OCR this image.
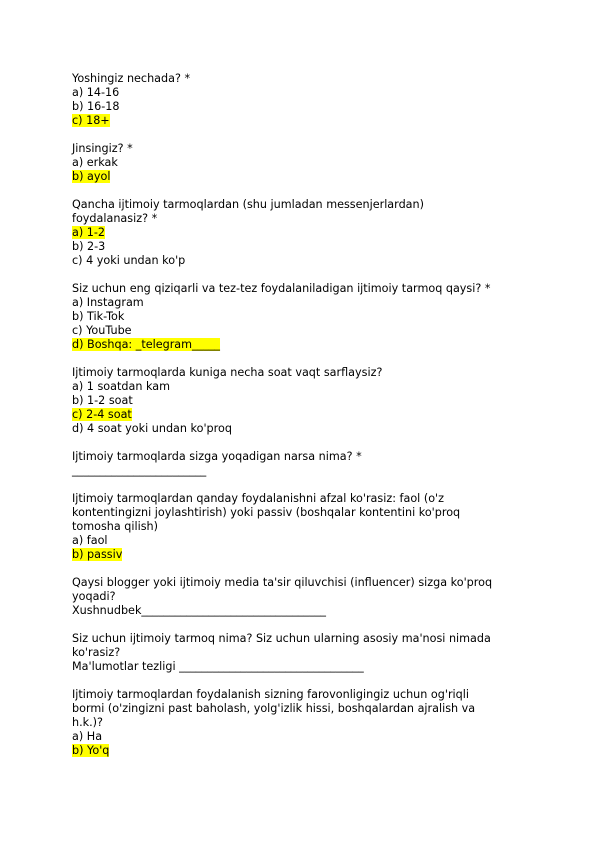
Yoshingiz nechada? *
a) 14-16
b) 16-18
c) 18+
Jinsingiz? *
a) erkak
b) ayol
Qancha ijtimoiy tarmoqlardan (shu jumladan messenjerlardan)
foydalanasiz? *
a) 1-2
b) 2-3
c) 4 yoki undan ko'p
Siz uchun eng qiziqarli va tez-tez foydalaniladigan ijtimoiy tarmoq qaysi? *
a) Instagram
b) Tik-Tok
c) YouTube
d) Boshqa: _telegram_____
Ijtimoiy tarmoqlarda kuniga necha soat vaqt sarflaysiz?
a) 1 soatdan kam
b) 1-2 soat
c) 2-4 soat
d) 4 soat yoki undan ko'proq
Ijtimoiy tarmoqlarda sizga yoqadigan narsa nima? *
________________________
Ijtimoiy tarmoqlardan qanday foydalanishni afzal ko'rasiz: faol (o'z
kontentingizni joylashtirish) yoki passiv (boshqalar kontentini ko'proq
tomosha qilish)
a) faol
b) passiv
Qaysi blogger yoki ijtimoiy media ta'sir qiluvchisi (influencer) sizga ko'proq
yoqadi?
Xushnudbek_________________________________
Siz uchun ijtimoiy tarmoq nima? Siz uchun ularning asosiy ma'nosi nimada
ko'rasiz?
Ma'lumotlar tezligi _________________________________
Ijtimoiy tarmoqlardan foydalanish sizning farovonligingiz uchun og'riqli
bormi (o'zingizni past baholash, yolg'izlik hissi, boshqalardan ajralish va
h.k.)?
a) Ha
b) Yo'q
